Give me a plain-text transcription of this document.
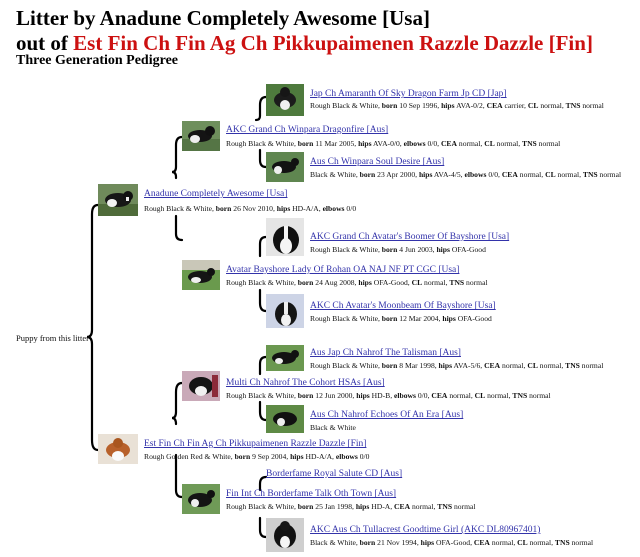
Litter by Anadune Completely Awesome [Usa]
out of Est Fin Ch Fin Ag Ch Pikkupaimenen Razzle Dazzle [Fin]
Three Generation Pedigree
Puppy from this litter
Anadune Completely Awesome [Usa]
Rough Black & White, born 26 Nov 2010, hips HD-A/A, elbows 0/0
AKC Grand Ch Winpara Dragonfire [Aus]
Rough Black & White, born 11 Mar 2005, hips AVA-0/0, elbows 0/0, CEA normal, CL normal, TNS normal
Jap Ch Amaranth Of Sky Dragon Farm Jp CD [Jap]
Rough Black & White, born 10 Sep 1996, hips AVA-0/2, CEA carrier, CL normal, TNS normal
Aus Ch Winpara Soul Desire [Aus]
Black & White, born 23 Apr 2000, hips AVA-4/5, elbows 0/0, CEA normal, CL normal, TNS normal
Avatar Bayshore Lady Of Rohan OA NAJ NF PT CGC [Usa]
Rough Black & White, born 24 Aug 2008, hips OFA-Good, CL normal, TNS normal
AKC Grand Ch Avatar's Boomer Of Bayshore [Usa]
Rough Black & White, born 4 Jun 2003, hips OFA-Good
AKC Ch Avatar's Moonbeam Of Bayshore [Usa]
Rough Black & White, born 12 Mar 2004, hips OFA-Good
Est Fin Ch Fin Ag Ch Pikkupaimenen Razzle Dazzle [Fin]
Rough Golden Red & White, born 9 Sep 2004, hips HD-A/A, elbows 0/0
Multi Ch Nahrof The Cohort HSAs [Aus]
Rough Black & White, born 12 Jun 2000, hips HD-B, elbows 0/0, CEA normal, CL normal, TNS normal
Aus Jap Ch Nahrof The Talisman [Aus]
Rough Black & White, born 8 Mar 1998, hips AVA-5/6, CEA normal, CL normal, TNS normal
Aus Ch Nahrof Echoes Of An Era [Aus]
Black & White
Fin Int Ch Borderfame Talk Oth Town [Aus]
Rough Black & White, born 25 Jan 1998, hips HD-A, CEA normal, TNS normal
Borderfame Royal Salute CD [Aus]
AKC Aus Ch Tullacrest Goodtime Girl (AKC DL80967401)
Black & White, born 21 Nov 1994, hips OFA-Good, CEA normal, CL normal, TNS normal
